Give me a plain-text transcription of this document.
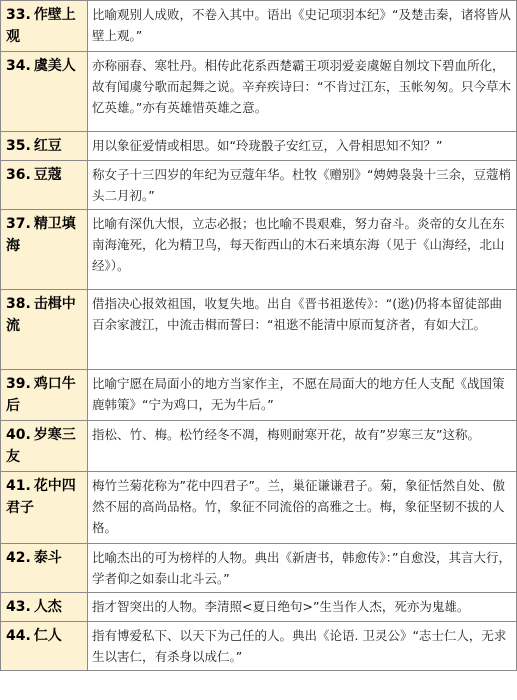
33. 作壁上观	比喻观别人成败，不卷入其中。语出《史记项羽本纪》“及楚击秦，诸将皆从壁上观。”
34. 虞美人	亦称丽春、寒牡丹。相传此花系西楚霸王项羽爱妾虞姬自刎坟下碧血所化，故有闻虞兮歌而起舞之说。辛弃疾诗曰：“不肯过江东，玉帐匆匆。只今草木忆英雄。”亦有英雄惜英雄之意。
35. 红豆	用以象征爱情或相思。如“玲珑骰子安红豆，入骨相思知不知？”
36. 豆蔻	称女子十三四岁的年纪为豆蔻年华。杜牧《赠别》“娉娉袅袅十三余，豆蔻梢头二月初。”
37. 精卫填海	比喻有深仇大恨，立志必报；也比喻不畏艰难，努力奋斗。炎帝的女儿在东南海淹死，化为精卫鸟，每天衔西山的木石来填东海（见于《山海经，北山经》）。
38. 击楫中流	借指决心报效祖国，收复失地。出自《晋书祖逖传》：“(逖)仍将本留徒部曲百余家渡江，中流击楫而誓曰：“祖逖不能清中原而复济者，有如大江。
39. 鸡口牛后	比喻宁愿在局面小的地方当家作主，不愿在局面大的地方任人支配《战国策鹿韩策》“宁为鸡口，无为牛后。”
40. 岁寒三友	指松、竹、梅。松竹经冬不凋，梅则耐寒开花，故有”岁寒三友”这称。
41. 花中四君子	梅竹兰菊花称为”花中四君子”。兰，巢征谦谦君子。菊，象征恬然自处、傲然不屈的高尚品格。竹，象征不同流俗的高雅之士。梅，象征坚韧不拔的人格。
42. 泰斗	比喻杰出的可为榜样的人物。典出《新唐书，韩愈传》：”自愈没，其言大行，学者仰之如泰山北斗云。”
43. 人杰	指才智突出的人物。李清照<夏日绝句>”生当作人杰，死亦为鬼雄。
44. 仁人	指有博爱私下、以天下为己任的人。典出《论语. 卫灵公》“志士仁人，无求生以害仁，有杀身以成仁。”
